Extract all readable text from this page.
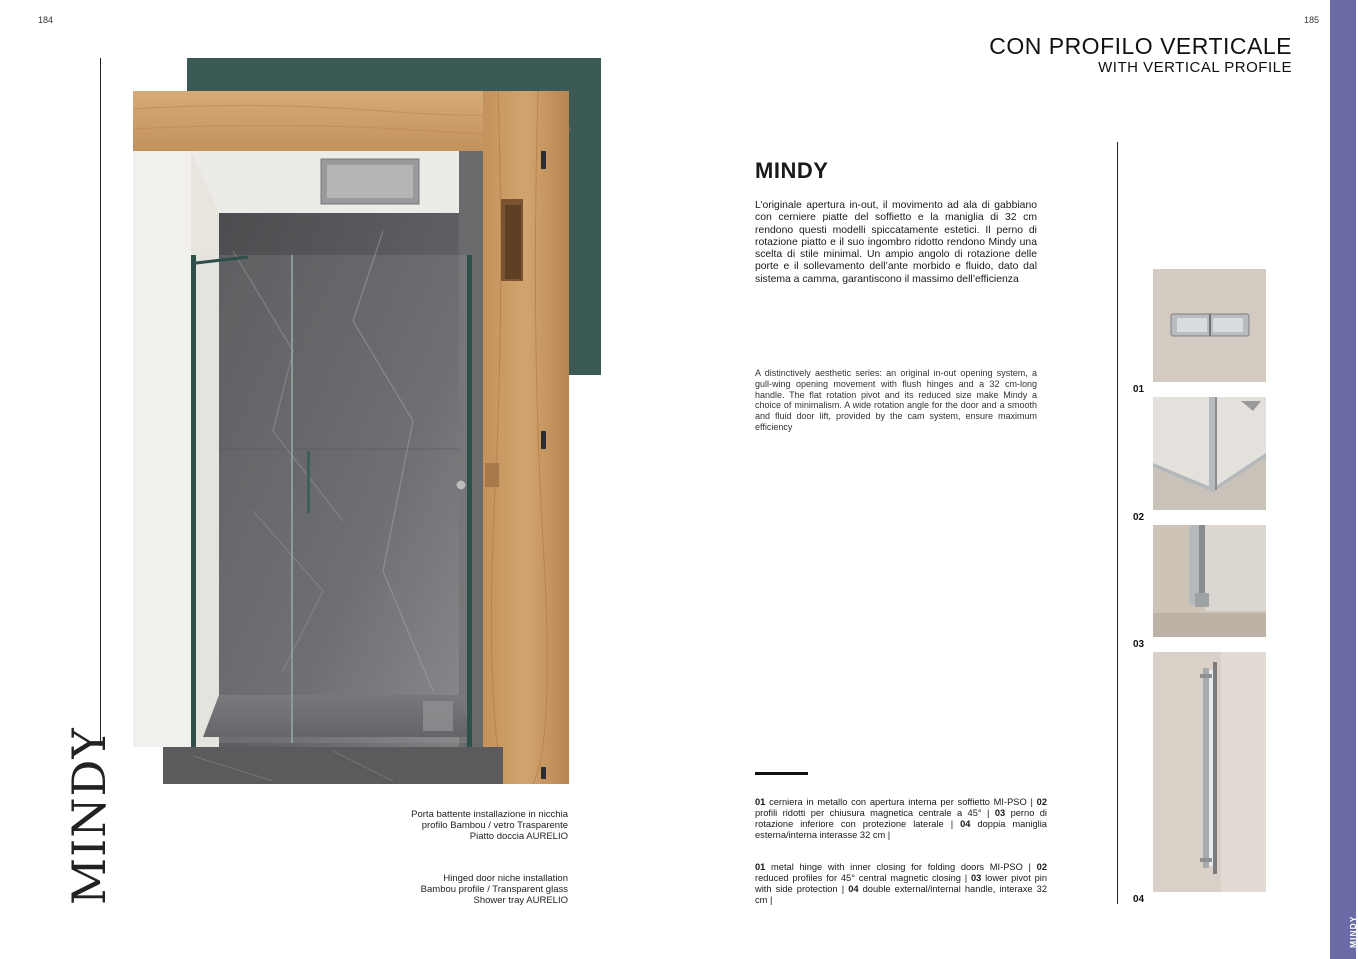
184
MINDY	Porta battente installazione in nicchia
profilo Bambou / vetro Trasparente
Piatto doccia AURELIO
Hinged door niche installation
Bambou profile / Transparent glass
Shower tray AURELIO
185
CON PROFILO VERTICALE
WITH VERTICAL PROFILE
MINDY
MINDY
L’originale apertura in-out, il movimento ad ala di gabbiano con cerniere piatte del soffietto e la maniglia di 32 cm rendono questi modelli spiccatamente estetici. Il perno di rotazione piatto e il suo ingombro ridotto rendono Mindy una scelta di stile minimal. Un ampio angolo di rotazione delle porte e il sollevamento dell’ante morbido e fluido, dato dal sistema a camma, garantiscono il massimo dell’efficienza
A distinctively aesthetic series: an original in-out opening system, a gull-wing opening movement with flush hinges and a 32 cm-long handle. The flat rotation pivot and its reduced size make Mindy a choice of minimalism. A wide rotation angle for the door and a smooth and fluid door lift, provided by the cam system, ensure maximum efficiency
01 cerniera in metallo con apertura interna per soffietto MI-PSO | 02 profili ridotti per chiusura magnetica centrale a 45° | 03 perno di rotazione inferiore con protezione laterale | 04 doppia maniglia esterna/interna interasse 32 cm |
01 metal hinge with inner closing for folding doors MI-PSO | 02 reduced profiles for 45° central magnetic closing | 03 lower pivot pin with side protection | 04 double external/internal handle, interaxe 32 cm |
01
02
03
04
